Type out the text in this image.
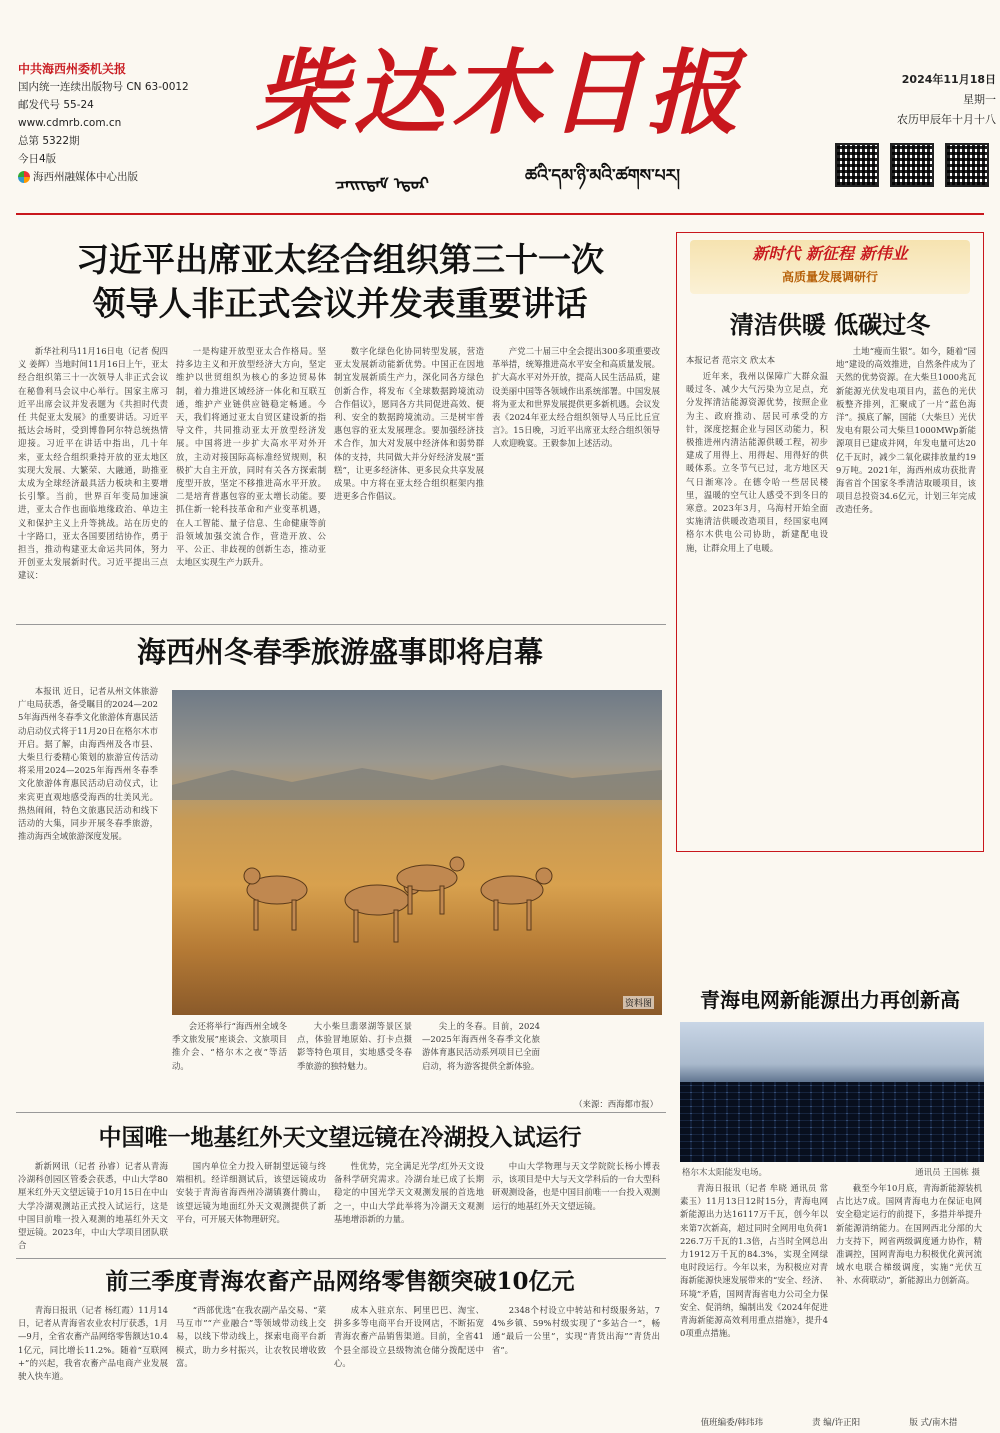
中共海西州委机关报
国内统一连续出版物号 CN 63-0012
邮发代号 55-24
www.cdmrb.com.cn
总第 5322期
今日4版
海西州融媒体中心出版
柴达木日报
ᠴᠠᠢᠢᠳᠠᠮ ᠡᠳᠦᠷ	ཚའི་དམ་ཉི་མའི་ཚགས་པར།
2024年11月18日
星期一
农历甲辰年十月十八
习近平出席亚太经合组织第三十一次
领导人非正式会议并发表重要讲话

新华社利马11月16日电（记者 倪四义 姜辉）当地时间11月16日上午，亚太经合组织第三十一次领导人非正式会议在秘鲁利马会议中心举行。国家主席习近平出席会议并发表题为《共担时代责任 共促亚太发展》的重要讲话。习近平抵达会场时，受到博鲁阿尔特总统热情迎接。习近平在讲话中指出，几十年来，亚太经合组织秉持开放的亚太地区实现大发展、大繁荣、大融通，助推亚太成为全球经济最具活力板块和主要增长引擎。当前，世界百年变局加速演进，亚太合作也面临地缘政治、单边主义和保护主义上升等挑战。站在历史的十字路口，亚太各国要团结协作，勇于担当，推动构建亚太命运共同体，努力开创亚太发展新时代。习近平提出三点建议：

一是构建开放型亚太合作格局。坚持多边主义和开放型经济大方向，坚定维护以世贸组织为核心的多边贸易体制，着力推进区域经济一体化和互联互通，维护产业链供应链稳定畅通。今天，我们将通过亚太自贸区建设新的指导文件，共同推动亚太开放型经济发展。中国将进一步扩大高水平对外开放，主动对接国际高标准经贸规则，积极扩大自主开放，同时有关各方探索制度型开放，坚定不移推进高水平开放。二是培育普惠包容的亚太增长动能。要抓住新一轮科技革命和产业变革机遇，在人工智能、量子信息、生命健康等前沿领域加强交流合作，营造开放、公平、公正、非歧视的创新生态，推动亚太地区实现生产力跃升。

数字化绿色化协同转型发展，营造亚太发展新动能新优势。中国正在因地制宜发展新质生产力，深化同各方绿色创新合作，将发布《全球数据跨境流动合作倡议》，愿同各方共同促进高效、便利、安全的数据跨境流动。三是树牢普惠包容的亚太发展理念。要加强经济技术合作，加大对发展中经济体和弱势群体的支持，共同做大并分好经济发展“蛋糕”，让更多经济体、更多民众共享发展成果。中方将在亚太经合组织框架内推进更多合作倡议。

产党二十届三中全会提出300多项重要改革举措，统筹推进高水平安全和高质量发展。扩大高水平对外开放，提高人民生活品质，建设美丽中国等各领域作出系统部署。中国发展将为亚太和世界发展提供更多新机遇。会议发表《2024年亚太经合组织领导人马丘比丘宣言》。15日晚，习近平出席亚太经合组织领导人欢迎晚宴。王毅参加上述活动。

新时代 新征程 新伟业
高质量发展调研行
清洁供暖 低碳过冬
本报记者 范宗文 欣太本

近年来，我州以保障广大群众温暖过冬、减少大气污染为立足点，充分发挥清洁能源资源优势，按照企业为主、政府推动、居民可承受的方针，深度挖掘企业与园区动能力，积极推进州内清洁能源供暖工程，初步建成了用得上、用得起、用得好的供暖体系。立冬节气已过，北方地区天气日渐寒冷。在德令哈一些居民楼里，温暖的空气让人感受不到冬日的寒意。2023年3月，乌海村开始全面实施清洁供暖改造项目，经国家电网格尔木供电公司协助，新建配电设施，让群众用上了电暖。

土地“瘦而生银”。如今，随着“园地”建设的高效推进，自然条件成为了天然的优势资源。在大柴旦1000兆瓦新能源光伏发电项目内，蓝色的光伏板整齐排列，汇聚成了一片“蓝色海洋”。摸底了解，国能（大柴旦）光伏发电有限公司大柴旦1000MWp新能源项目已建成并网，年发电量可达20亿千瓦时，减少二氧化碳排放量约199万吨。2021年，海西州成功获批青海省首个国家冬季清洁取暖项目，该项目总投资34.6亿元，计划三年完成改造任务。

海西州冬春季旅游盛事即将启幕

本报讯 近日，记者从州文体旅游广电局获悉，备受瞩目的2024—2025年海西州冬春季文化旅游体育惠民活动启动仪式将于11月20日在格尔木市开启。据了解，由海西州及各市县、大柴旦行委精心策划的旅游宣传活动将采用2024—2025年海西州冬春季文化旅游体育惠民活动启动仪式，让来宾更直观地感受海西的壮美风光。热热闹闹，特色文旅惠民活动和线下活动的大集，同步开展冬春季旅游，推动海西全域旅游深度发展。

资料图

会还将举行“海西州全域冬季文旅发展”座谈会、文旅项目推介会、“格尔木之夜”等活动。

大小柴旦翡翠湖等景区景点，体验冒地原始、打卡点摄影等特色项目，实地感受冬春季旅游的独特魅力。

尖上的冬春。目前，2024—2025年海西州冬春季文化旅游体育惠民活动系列项目已全面启动，将为游客提供全新体验。

（来源：西海都市报）
青海电网新能源出力再创新高
格尔木太阳能发电场。	通讯员 王国栋 摄

青海日报讯（记者 牟晓 通讯员 常素玉）11月13日12时15分，青海电网新能源出力达16117万千瓦，创今年以来第7次新高，超过同时全网用电负荷1226.7万千瓦的1.3倍，占当时全网总出力1912万千瓦的84.3%，实现全网绿电时段运行。今年以来，为积极应对青海新能源快速发展带来的“安全、经济、环境”矛盾，国网青海省电力公司全力保安全、促消纳，编制出发《2024年促进青海新能源高效利用重点措施》，提升40项重点措施。

截至今年10月底，青海新能源装机占比达7成。国网青海电力在保证电网安全稳定运行的前提下，多措并举提升新能源消纳能力。在国网西北分部的大力支持下，网省两级调度通力协作，精准调控，国网青海电力积极优化黄河流域水电联合梯级调度，实施“光伏互补、水荷联动”，新能源出力创新高。

中国唯一地基红外天文望远镜在冷湖投入试运行

新新网讯（记者 孙睿）记者从青海冷湖科创园区管委会获悉，中山大学80厘米红外天文望远镜于10月15日在中山大学冷湖观测站正式投入试运行，这是中国目前唯一投入观测的地基红外天文望远镜。2023年，中山大学项目团队联合

国内单位全力投入研制望远镜与终端相机。经详细测试后，该望远镜成功安装于青海省海西州冷湖镇赛什腾山，该望远镜为地面红外天文观测提供了新平台，可开展天体物理研究。

性优势，完全满足光学/红外天文设备科学研究需求。冷湖台址已成了长期稳定的中国光学天文观测发展的首选地之一，中山大学此举将为冷湖天文观测基地增添新的力量。

中山大学物理与天文学院院长杨小博表示，该项目是中大与天文学科后的一台大型科研观测设备，也是中国目前唯一一台投入观测运行的地基红外天文望远镜。

前三季度青海农畜产品网络零售额突破10亿元

青海日报讯（记者 杨红霞）11月14日，记者从青海省农业农村厅获悉，1月—9月，全省农畜产品网络零售额达10.41亿元，同比增长11.2%。随着“互联网+”的兴起，我省农畜产品电商产业发展驶入快车道。

“西部优选”在我农副产品交易、“菜马互市”“产业融合”等领域带动线上交易，以线下带动线上，探索电商平台新模式，助力乡村振兴，让农牧民增收致富。

成本入驻京东、阿里巴巴、淘宝、拼多多等电商平台开设网店，不断拓宽青海农畜产品销售渠道。目前，全省41个县全部设立县级物流仓储分拨配送中心。

2348个村设立中转站和村级服务站，74%乡镇、59%村级实现了“多站合一”，畅通“最后一公里”，实现“青货出海”“青货出省”。

值班编委/韩玮玮	责 编/许正阳	版 式/南木措
